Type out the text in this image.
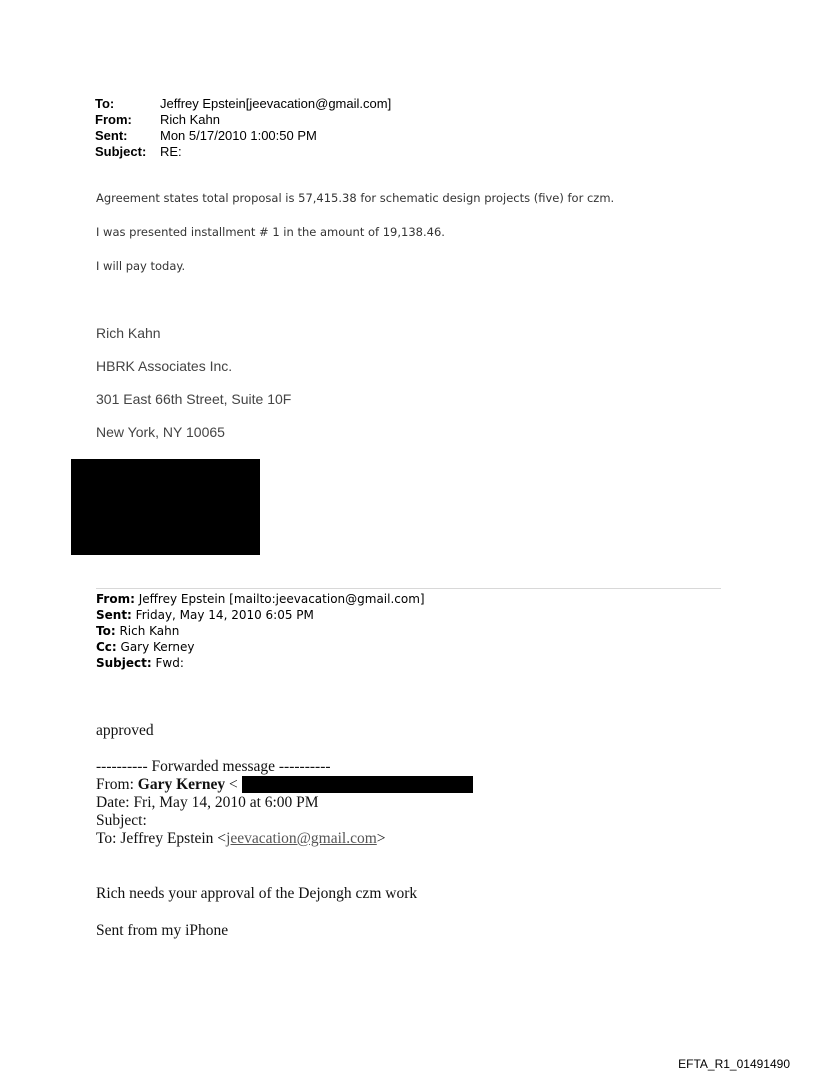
To:	Jeffrey Epstein[jeevacation@gmail.com]
From: Rich Kahn
Sent:	Mon 5/17/2010 1:00:50 PM
Subject: RE:
Agreement states total proposal is 57,415.38 for schematic design projects (five) for czm.
I was presented installment # 1 in the amount of 19,138.46.
I will pay today.
Rich Kahn
HBRK Associates Inc.
301 East 66th Street, Suite 10F
New York, NY 10065
From: Jeffrey Epstein [mailto:jeevacation@gmail.com]
Sent: Friday, May 14, 2010 6:05 PM
To: Rich Kahn
Cc: Gary Kerney
Subject: Fwd:
approved
---------- Forwarded message ----------
From: Gary Kerney <
Date: Fri, May 14, 2010 at 6:00 PM
Subject:
To: Jeffrey Epstein <jeevacation@gmail.com>
Rich needs your approval of the Dejongh czm work
Sent from my iPhone
EFTA_R1_01491490
